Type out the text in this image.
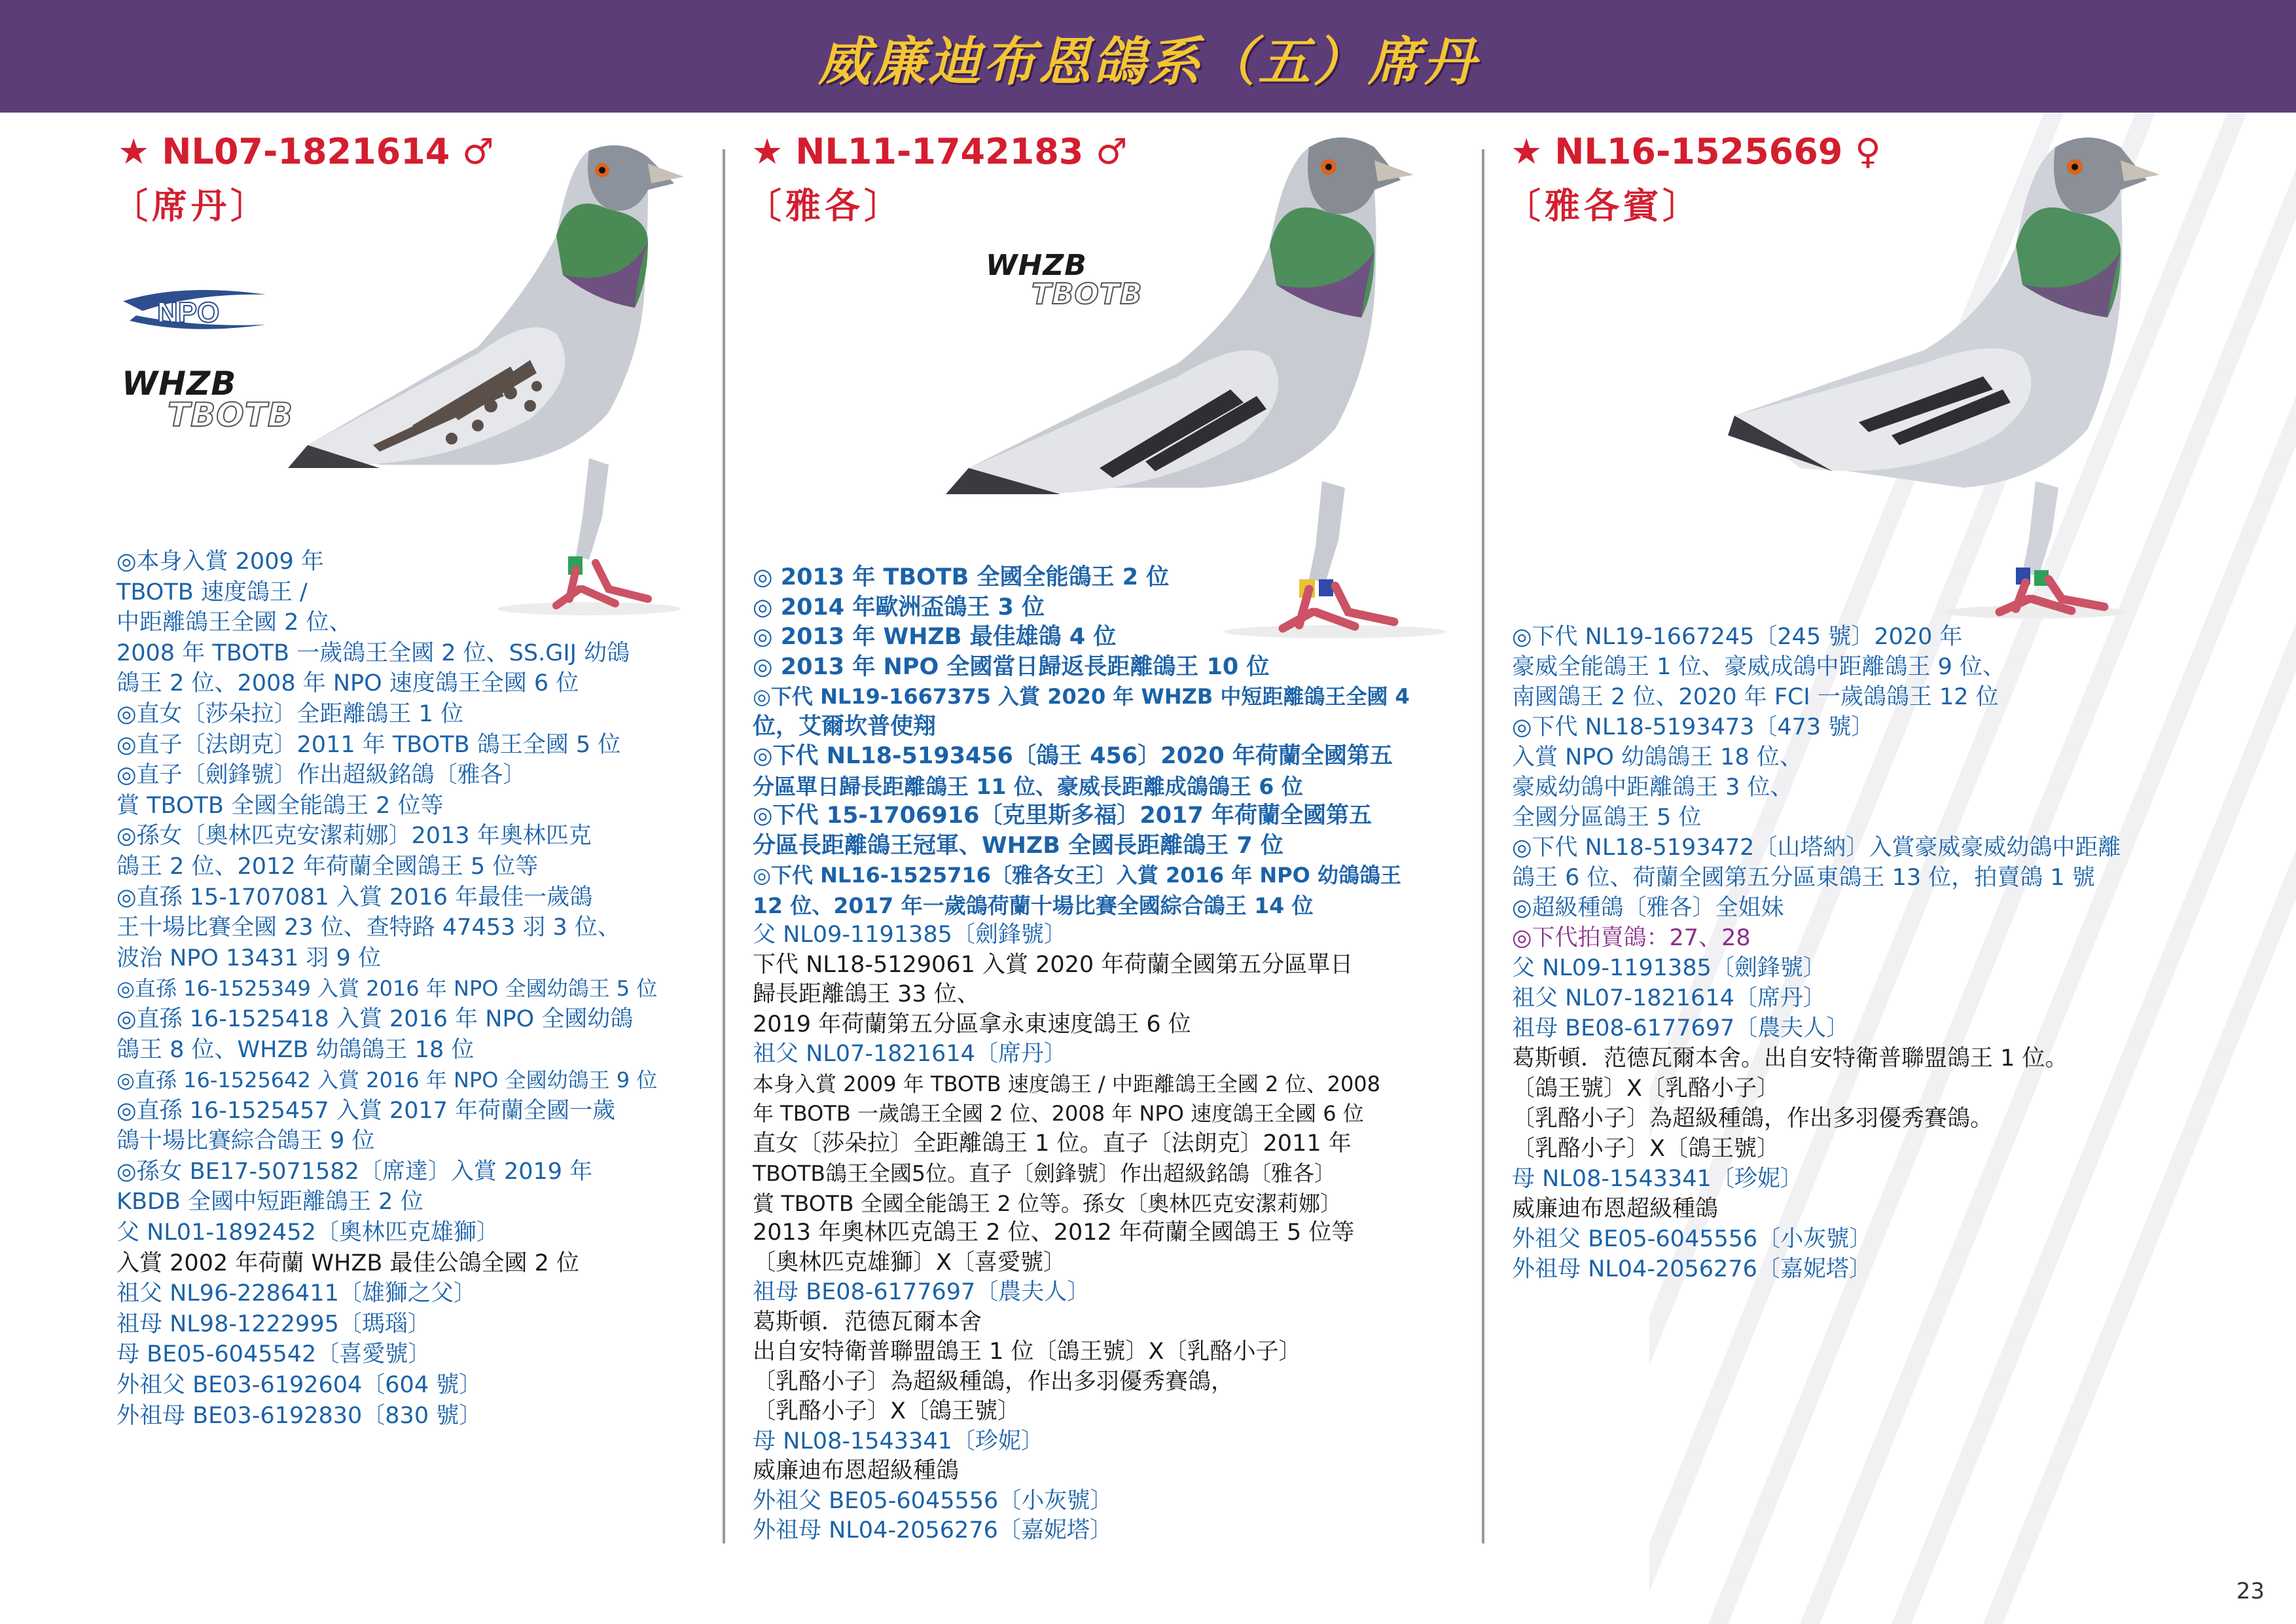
威廉迪布恩鴿系（五）席丹
★ NL07-1821614 ♂
〔席丹〕
NPO
WHZB
TBOTB
◎本身入賞 2009 年
TBOTB 速度鴿王 /
中距離鴿王全國 2 位、
2008 年 TBOTB 一歲鴿王全國 2 位、SS.GIJ 幼鴿
鴿王 2 位、2008 年 NPO 速度鴿王全國 6 位
◎直女〔莎朵拉〕全距離鴿王 1 位
◎直子〔法朗克〕2011 年 TBOTB 鴿王全國 5 位
◎直子〔劍鋒號〕作出超級銘鴿〔雅各〕
賞 TBOTB 全國全能鴿王 2 位等
◎孫女〔奧林匹克安潔莉娜〕2013 年奧林匹克
鴿王 2 位、2012 年荷蘭全國鴿王 5 位等
◎直孫 15-1707081 入賞 2016 年最佳一歲鴿
王十場比賽全國 23 位、查特路 47453 羽 3 位、
波治 NPO 13431 羽 9 位
◎直孫 16-1525349 入賞 2016 年 NPO 全國幼鴿王 5 位
◎直孫 16-1525418 入賞 2016 年 NPO 全國幼鴿
鴿王 8 位、WHZB 幼鴿鴿王 18 位
◎直孫 16-1525642 入賞 2016 年 NPO 全國幼鴿王 9 位
◎直孫 16-1525457 入賞 2017 年荷蘭全國一歲
鴿十場比賽綜合鴿王 9 位
◎孫女 BE17-5071582〔席達〕入賞 2019 年
KBDB 全國中短距離鴿王 2 位
父 NL01-1892452〔奧林匹克雄獅〕
入賞 2002 年荷蘭 WHZB 最佳公鴿全國 2 位
祖父 NL96-2286411〔雄獅之父〕
祖母 NL98-1222995〔瑪瑙〕
母 BE05-6045542〔喜愛號〕
外祖父 BE03-6192604〔604 號〕
外祖母 BE03-6192830〔830 號〕
★ NL11-1742183 ♂
〔雅各〕
WHZB
TBOTB
◎ 2013 年 TBOTB 全國全能鴿王 2 位
◎ 2014 年歐洲盃鴿王 3 位
◎ 2013 年 WHZB 最佳雄鴿 4 位
◎ 2013 年 NPO 全國當日歸返長距離鴿王 10 位
◎下代 NL19-1667375 入賞 2020 年 WHZB 中短距離鴿王全國 4
位，艾爾坎普使翔
◎下代 NL18-5193456〔鴿王 456〕2020 年荷蘭全國第五
分區單日歸長距離鴿王 11 位、豪威長距離成鴿鴿王 6 位
◎下代 15-1706916〔克里斯多福〕2017 年荷蘭全國第五
分區長距離鴿王冠軍、WHZB 全國長距離鴿王 7 位
◎下代 NL16-1525716〔雅各女王〕入賞 2016 年 NPO 幼鴿鴿王
12 位、2017 年一歲鴿荷蘭十場比賽全國綜合鴿王 14 位
父 NL09-1191385〔劍鋒號〕
下代 NL18-5129061 入賞 2020 年荷蘭全國第五分區單日
歸長距離鴿王 33 位、
2019 年荷蘭第五分區拿永東速度鴿王 6 位
祖父 NL07-1821614〔席丹〕
本身入賞 2009 年 TBOTB 速度鴿王 / 中距離鴿王全國 2 位、2008
年 TBOTB 一歲鴿王全國 2 位、2008 年 NPO 速度鴿王全國 6 位
直女〔莎朵拉〕全距離鴿王 1 位。直子〔法朗克〕2011 年
TBOTB鴿王全國5位。直子〔劍鋒號〕作出超級銘鴿〔雅各〕
賞 TBOTB 全國全能鴿王 2 位等。孫女〔奧林匹克安潔莉娜〕
2013 年奧林匹克鴿王 2 位、2012 年荷蘭全國鴿王 5 位等
〔奧林匹克雄獅〕X〔喜愛號〕
祖母 BE08-6177697〔農夫人〕
葛斯頓．范德瓦爾本舍
出自安特衛普聯盟鴿王 1 位〔鴿王號〕X〔乳酪小子〕
〔乳酪小子〕為超級種鴿，作出多羽優秀賽鴿，
〔乳酪小子〕X〔鴿王號〕
母 NL08-1543341〔珍妮〕
威廉迪布恩超級種鴿
外祖父 BE05-6045556〔小灰號〕
外祖母 NL04-2056276〔嘉妮塔〕
★ NL16-1525669 ♀
〔雅各賓〕
◎下代 NL19-1667245〔245 號〕2020 年
豪威全能鴿王 1 位、豪威成鴿中距離鴿王 9 位、
南國鴿王 2 位、2020 年 FCI 一歲鴿鴿王 12 位
◎下代 NL18-5193473〔473 號〕
入賞 NPO 幼鴿鴿王 18 位、
豪威幼鴿中距離鴿王 3 位、
全國分區鴿王 5 位
◎下代 NL18-5193472〔山塔納〕入賞豪威豪威幼鴿中距離
鴿王 6 位、荷蘭全國第五分區東鴿王 13 位，拍賣鴿 1 號
◎超級種鴿〔雅各〕全姐妹
◎下代拍賣鴿：27、28
父 NL09-1191385〔劍鋒號〕
祖父 NL07-1821614〔席丹〕
祖母 BE08-6177697〔農夫人〕
葛斯頓．范德瓦爾本舍。出自安特衛普聯盟鴿王 1 位。
〔鴿王號〕X〔乳酪小子〕
〔乳酪小子〕為超級種鴿，作出多羽優秀賽鴿。
〔乳酪小子〕X〔鴿王號〕
母 NL08-1543341〔珍妮〕
威廉迪布恩超級種鴿
外祖父 BE05-6045556〔小灰號〕
外祖母 NL04-2056276〔嘉妮塔〕
23
